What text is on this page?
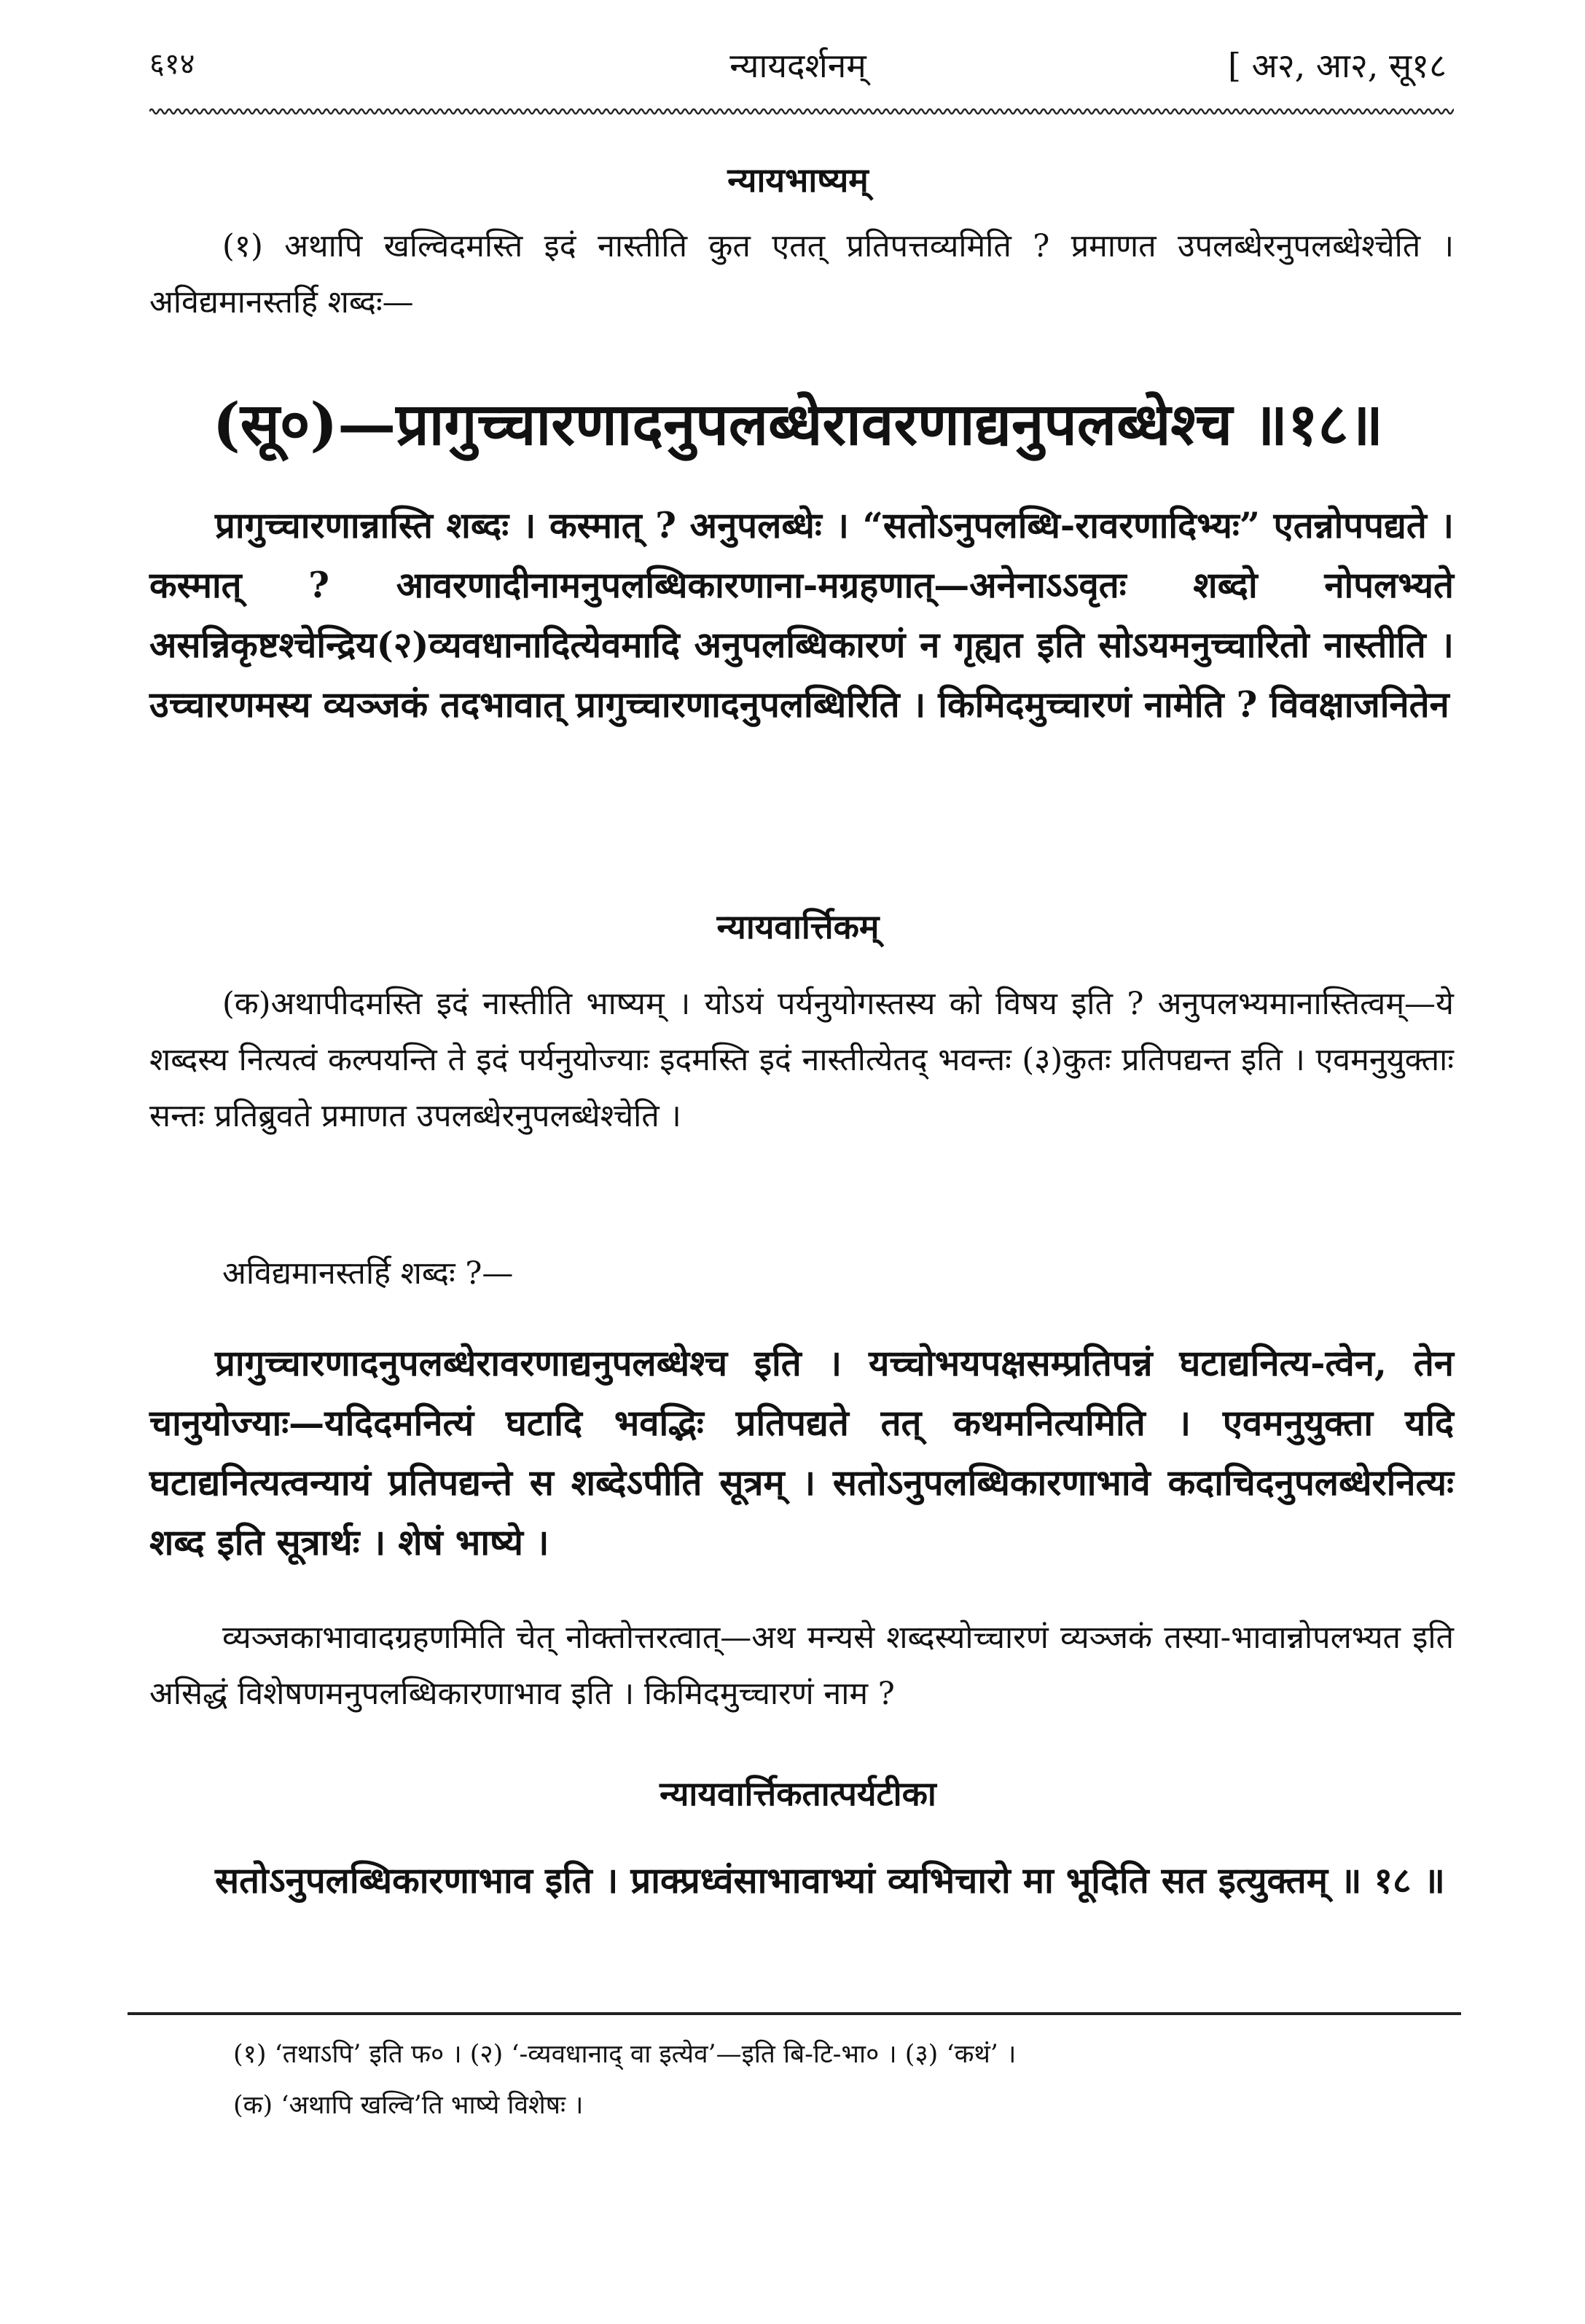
६१४	न्यायदर्शनम्	[ अ२, आ२, सू१८
न्यायभाष्यम्

(१) अथापि खल्विदमस्ति इदं नास्तीति कुत एतत् प्रतिपत्तव्यमिति ? प्रमाणत उपलब्धेरनुपलब्धेश्चेति । अविद्यमानस्तर्हि शब्दः—

(सू०)—प्रागुच्चारणादनुपलब्धेरावरणाद्यनुपलब्धेश्च ॥१८॥

प्रागुच्चारणान्नास्ति शब्दः । कस्मात् ? अनुपलब्धेः । “सतोऽनुपलब्धि-रावरणादिभ्यः” एतन्नोपपद्यते । कस्मात् ? आवरणादीनामनुपलब्धिकारणाना-मग्रहणात्—अनेनाऽऽवृतः शब्दो नोपलभ्यते असन्निकृष्टश्चेन्द्रिय(२)व्यवधानादित्येवमादि अनुपलब्धिकारणं न गृह्यत इति सोऽयमनुच्चारितो नास्तीति । उच्चारणमस्य व्यञ्जकं तदभावात् प्रागुच्चारणादनुपलब्धिरिति । किमिदमुच्चारणं नामेति ? विवक्षाजनितेन

न्यायवार्त्तिकम्

(क)अथापीदमस्ति इदं नास्तीति भाष्यम् । योऽयं पर्यनुयोगस्तस्य को विषय इति ? अनुपलभ्यमानास्तित्वम्—ये शब्दस्य नित्यत्वं कल्पयन्ति ते इदं पर्यनुयोज्याः इदमस्ति इदं नास्तीत्येतद् भवन्तः (३)कुतः प्रतिपद्यन्त इति । एवमनुयुक्ताः सन्तः प्रतिब्रुवते प्रमाणत उपलब्धेरनुपलब्धेश्चेति ।

अविद्यमानस्तर्हि शब्दः ?—

प्रागुच्चारणादनुपलब्धेरावरणाद्यनुपलब्धेश्च इति । यच्चोभयपक्षसम्प्रतिपन्नं घटाद्यनित्य-त्वेन, तेन चानुयोज्याः—यदिदमनित्यं घटादि भवद्भिः प्रतिपद्यते तत् कथमनित्यमिति । एवमनुयुक्ता यदि घटाद्यनित्यत्वन्यायं प्रतिपद्यन्ते स शब्देऽपीति सूत्रम् । सतोऽनुपलब्धिकारणाभावे कदाचिदनुपलब्धेरनित्यः शब्द इति सूत्रार्थः । शेषं भाष्ये ।

व्यञ्जकाभावादग्रहणमिति चेत् नोक्तोत्तरत्वात्—अथ मन्यसे शब्दस्योच्चारणं व्यञ्जकं तस्या-भावान्नोपलभ्यत इति असिद्धं विशेषणमनुपलब्धिकारणाभाव इति । किमिदमुच्चारणं नाम ?

न्यायवार्त्तिकतात्पर्यटीका

सतोऽनुपलब्धिकारणाभाव इति । प्राक्प्रध्वंसाभावाभ्यां व्यभिचारो मा भूदिति सत इत्युक्तम् ॥ १८ ॥

(१) ‘तथाऽपि’ इति फ० । (२) ‘-व्यवधानाद् वा इत्येव’—इति बि-टि-भा० । (३) ‘कथं’ ।

(क) ‘अथापि खल्वि’ति भाष्ये विशेषः ।
